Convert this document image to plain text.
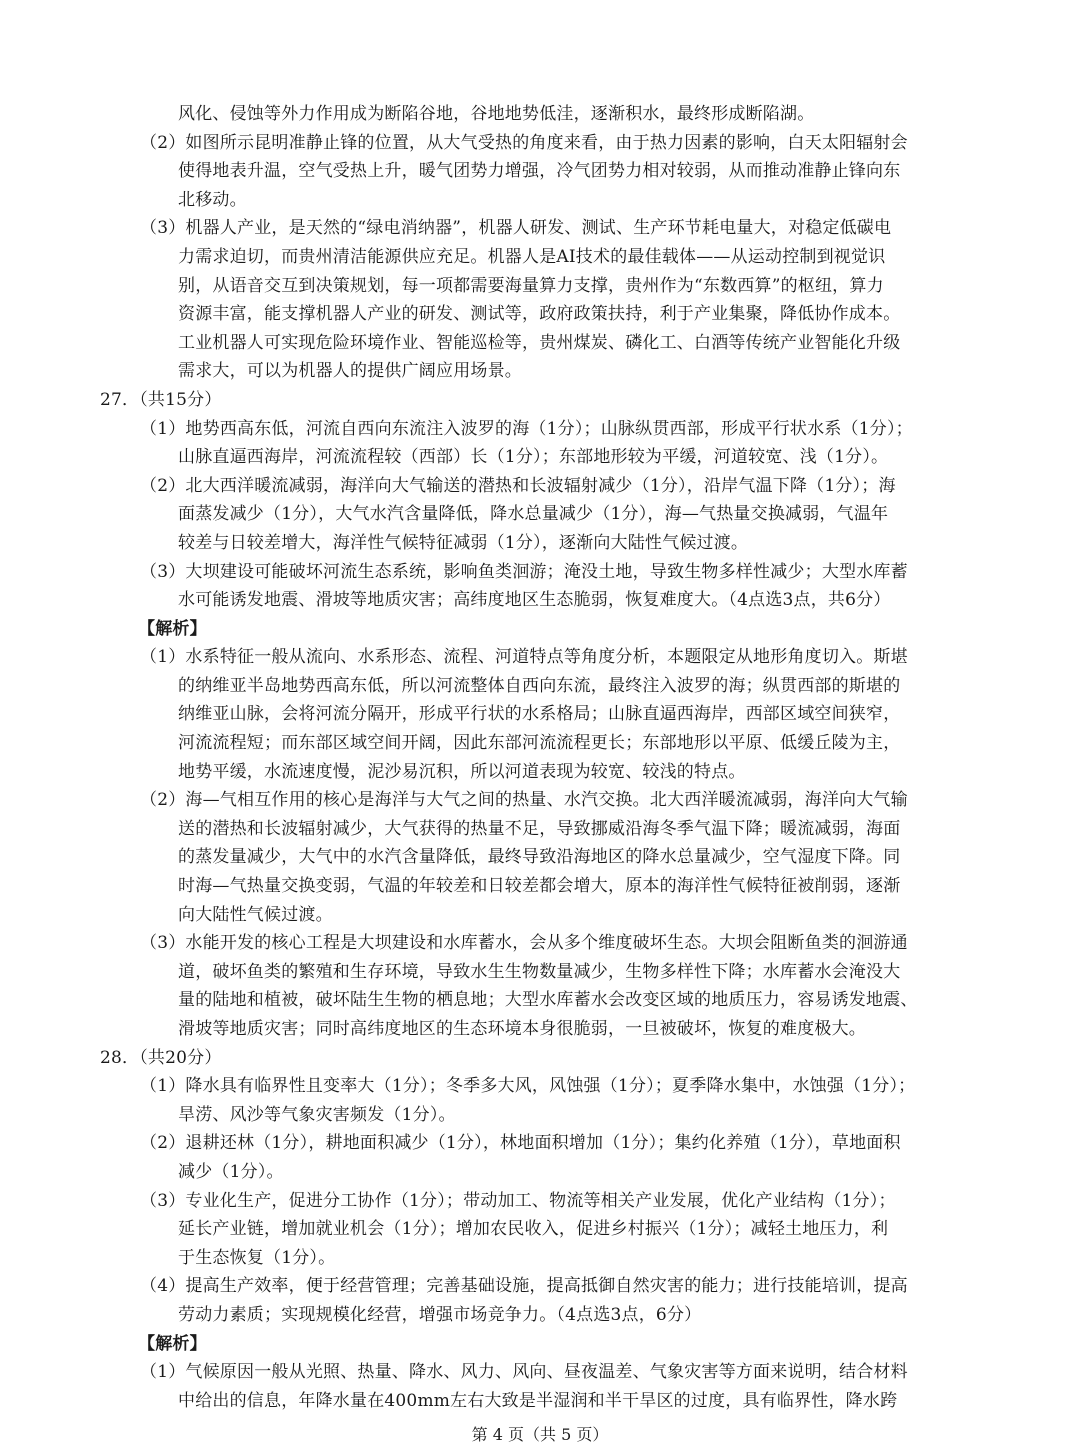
风化、侵蚀等外力作用成为断陷谷地，谷地地势低洼，逐渐积水，最终形成断陷湖。
（2）如图所示昆明准静止锋的位置，从大气受热的角度来看，由于热力因素的影响，白天太阳辐射会
使得地表升温，空气受热上升，暖气团势力增强，冷气团势力相对较弱，从而推动准静止锋向东
北移动。
（3）机器人产业，是天然的“绿电消纳器”，机器人研发、测试、生产环节耗电量大，对稳定低碳电
力需求迫切，而贵州清洁能源供应充足。机器人是AI技术的最佳载体——从运动控制到视觉识
别，从语音交互到决策规划，每一项都需要海量算力支撑，贵州作为“东数西算”的枢纽，算力
资源丰富，能支撑机器人产业的研发、测试等，政府政策扶持，利于产业集聚，降低协作成本。
工业机器人可实现危险环境作业、智能巡检等，贵州煤炭、磷化工、白酒等传统产业智能化升级
需求大，可以为机器人的提供广阔应用场景。
27．（共15分）
（1）地势西高东低，河流自西向东流注入波罗的海（1分）；山脉纵贯西部，形成平行状水系（1分）；
山脉直逼西海岸，河流流程较（西部）长（1分）；东部地形较为平缓，河道较宽、浅（1分）。
（2）北大西洋暖流减弱，海洋向大气输送的潜热和长波辐射减少（1分），沿岸气温下降（1分）；海
面蒸发减少（1分），大气水汽含量降低，降水总量减少（1分），海—气热量交换减弱，气温年
较差与日较差增大，海洋性气候特征减弱（1分），逐渐向大陆性气候过渡。
（3）大坝建设可能破坏河流生态系统，影响鱼类洄游；淹没土地，导致生物多样性减少；大型水库蓄
水可能诱发地震、滑坡等地质灾害；高纬度地区生态脆弱，恢复难度大。（4点选3点，共6分）
【解析】
（1）水系特征一般从流向、水系形态、流程、河道特点等角度分析，本题限定从地形角度切入。斯堪
的纳维亚半岛地势西高东低，所以河流整体自西向东流，最终注入波罗的海；纵贯西部的斯堪的
纳维亚山脉，会将河流分隔开，形成平行状的水系格局；山脉直逼西海岸，西部区域空间狭窄，
河流流程短；而东部区域空间开阔，因此东部河流流程更长；东部地形以平原、低缓丘陵为主，
地势平缓，水流速度慢，泥沙易沉积，所以河道表现为较宽、较浅的特点。
（2）海—气相互作用的核心是海洋与大气之间的热量、水汽交换。北大西洋暖流减弱，海洋向大气输
送的潜热和长波辐射减少，大气获得的热量不足，导致挪威沿海冬季气温下降；暖流减弱，海面
的蒸发量减少，大气中的水汽含量降低，最终导致沿海地区的降水总量减少，空气湿度下降。同
时海—气热量交换变弱，气温的年较差和日较差都会增大，原本的海洋性气候特征被削弱，逐渐
向大陆性气候过渡。
（3）水能开发的核心工程是大坝建设和水库蓄水，会从多个维度破坏生态。大坝会阻断鱼类的洄游通
道，破坏鱼类的繁殖和生存环境，导致水生生物数量减少，生物多样性下降；水库蓄水会淹没大
量的陆地和植被，破坏陆生生物的栖息地；大型水库蓄水会改变区域的地质压力，容易诱发地震、
滑坡等地质灾害；同时高纬度地区的生态环境本身很脆弱，一旦被破坏，恢复的难度极大。
28．（共20分）
（1）降水具有临界性且变率大（1分）；冬季多大风，风蚀强（1分）；夏季降水集中，水蚀强（1分）；
旱涝、风沙等气象灾害频发（1分）。
（2）退耕还林（1分），耕地面积减少（1分），林地面积增加（1分）；集约化养殖（1分），草地面积
减少（1分）。
（3）专业化生产，促进分工协作（1分）；带动加工、物流等相关产业发展，优化产业结构（1分）；
延长产业链，增加就业机会（1分）；增加农民收入，促进乡村振兴（1分）；减轻土地压力，利
于生态恢复（1分）。
（4）提高生产效率，便于经营管理；完善基础设施，提高抵御自然灾害的能力；进行技能培训，提高
劳动力素质；实现规模化经营，增强市场竞争力。（4点选3点，6分）
【解析】
（1）气候原因一般从光照、热量、降水、风力、风向、昼夜温差、气象灾害等方面来说明，结合材料
中给出的信息，年降水量在400mm左右大致是半湿润和半干旱区的过度，具有临界性，降水跨
第 4 页（共 5 页）
